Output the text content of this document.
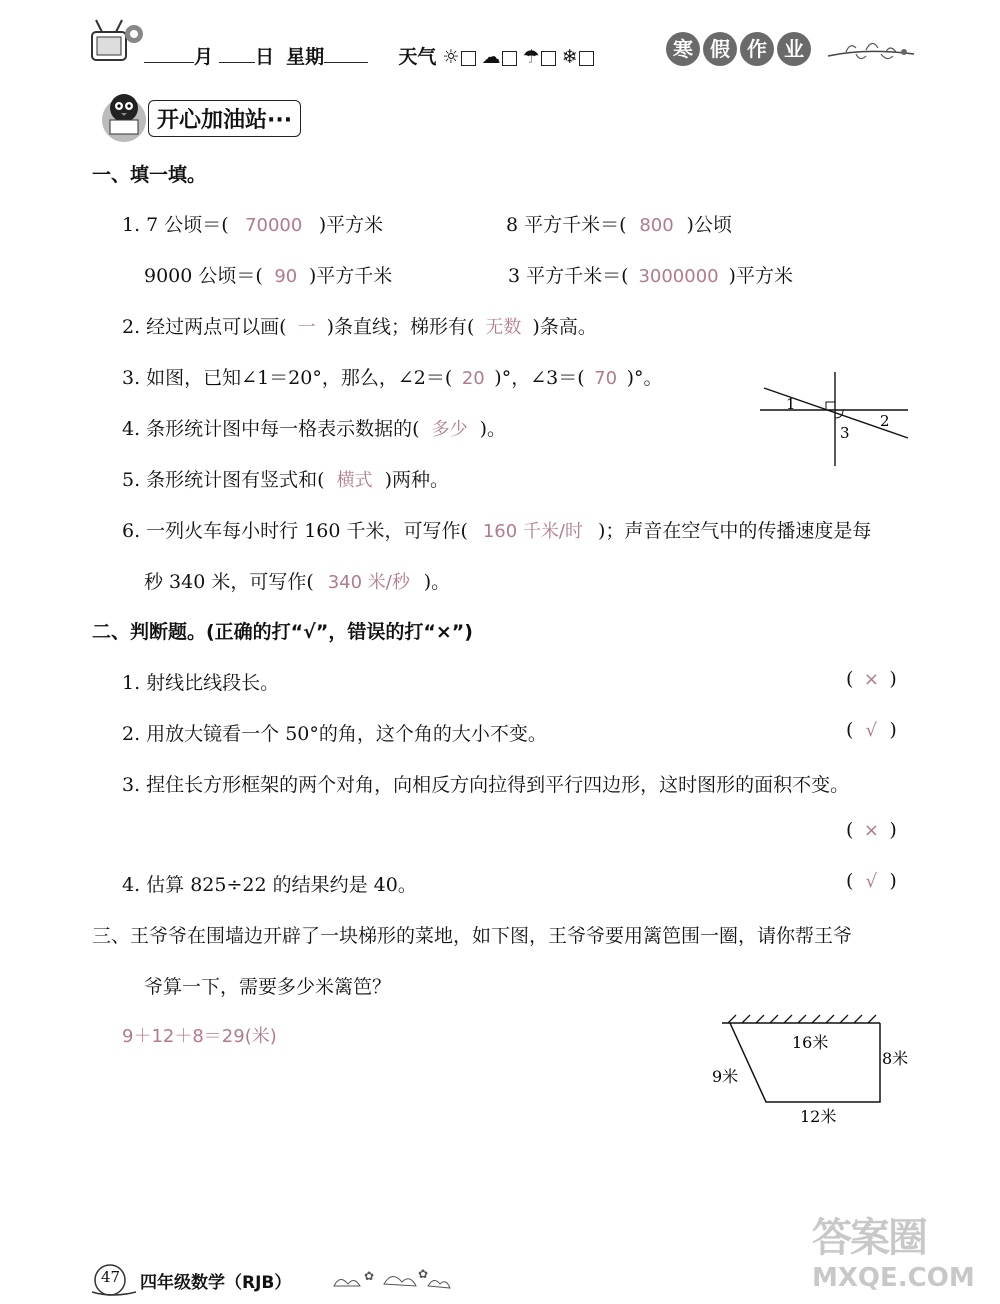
月 日 星期	天气 ☼ ☁ ☂ ❄	寒 假 作 业
开心加油站···
一、填一填。
1. 7 公顷＝( 70000 )平方米	8 平方千米＝( 800 )公顷
9000 公顷＝( 90 )平方千米	3 平方千米＝( 3000000 )平方米
2. 经过两点可以画( 一 )条直线；梯形有( 无数 )条高。
3. 如图，已知∠1＝20°，那么，∠2＝( 20 )°，∠3＝( 70 )°。
1
2
3
4. 条形统计图中每一格表示数据的( 多少 )。
5. 条形统计图有竖式和( 横式 )两种。
6. 一列火车每小时行 160 千米，可写作( 160 千米/时 )；声音在空气中的传播速度是每
秒 340 米，可写作( 340 米/秒 )。
二、判断题。(正确的打“√”，错误的打“×”)
1. 射线比线段长。	( × )
2. 用放大镜看一个 50°的角，这个角的大小不变。	( √ )
3. 捏住长方形框架的两个对角，向相反方向拉得到平行四边形，这时图形的面积不变。
( × )
4. 估算 825÷22 的结果约是 40。	( √ )
三、王爷爷在围墙边开辟了一块梯形的菜地，如下图，王爷爷要用篱笆围一圈，请你帮王爷
爷算一下，需要多少米篱笆？
9＋12＋8＝29(米)	16米
8米
9米
12米
47 四年级数学（RJB）	✿	✿
答案圈
MXQE.COM
